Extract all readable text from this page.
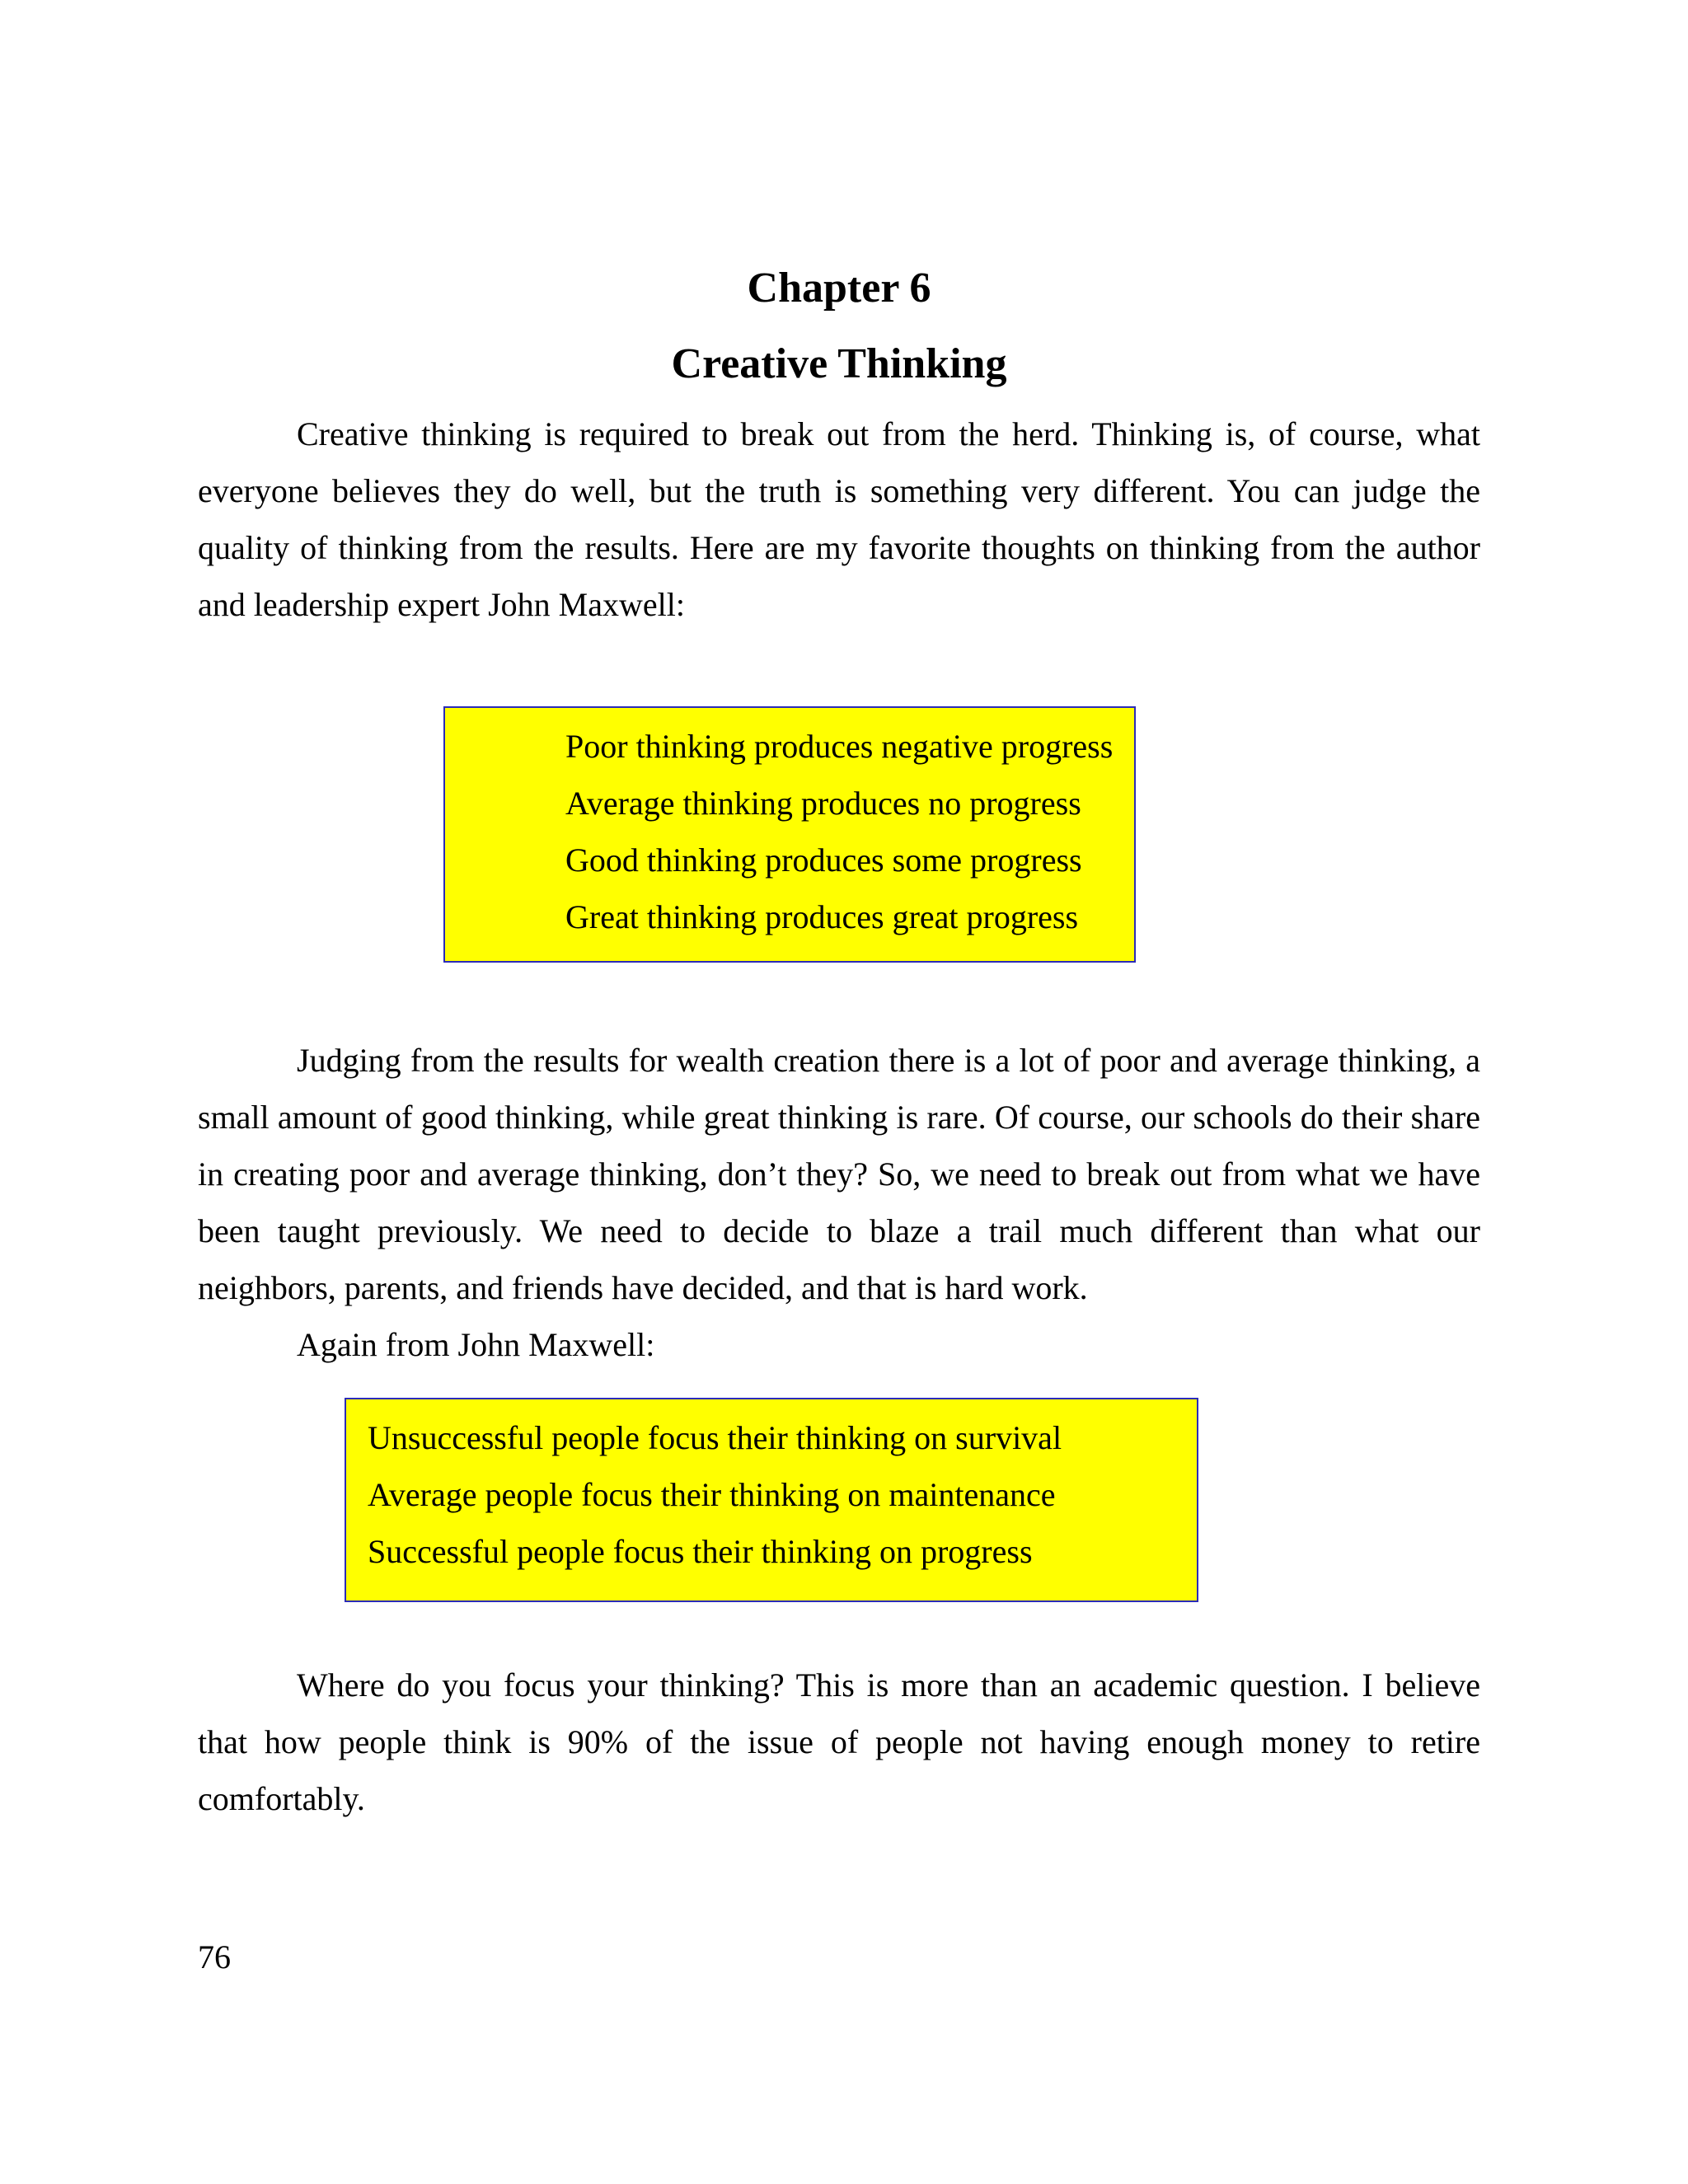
Chapter 6
Creative Thinking

Creative thinking is required to break out from the herd. Thinking is, of course, what everyone believes they do well, but the truth is something very different. You can judge the quality of thinking from the results. Here are my favorite thoughts on thinking from the author and leadership expert John Maxwell:

Poor thinking produces negative progress
Average thinking produces no progress
Good thinking produces some progress
Great thinking produces great progress

Judging from the results for wealth creation there is a lot of poor and average thinking, a small amount of good thinking, while great thinking is rare. Of course, our schools do their share in creating poor and average thinking, don’t they? So, we need to break out from what we have been taught previously. We need to decide to blaze a trail much different than what our neighbors, parents, and friends have decided, and that is hard work.
Again from John Maxwell:

Unsuccessful people focus their thinking on survival
Average people focus their thinking on maintenance
Successful people focus their thinking on progress

Where do you focus your thinking? This is more than an academic question. I believe that how people think is 90% of the issue of people not having enough money to retire comfortably.

76
